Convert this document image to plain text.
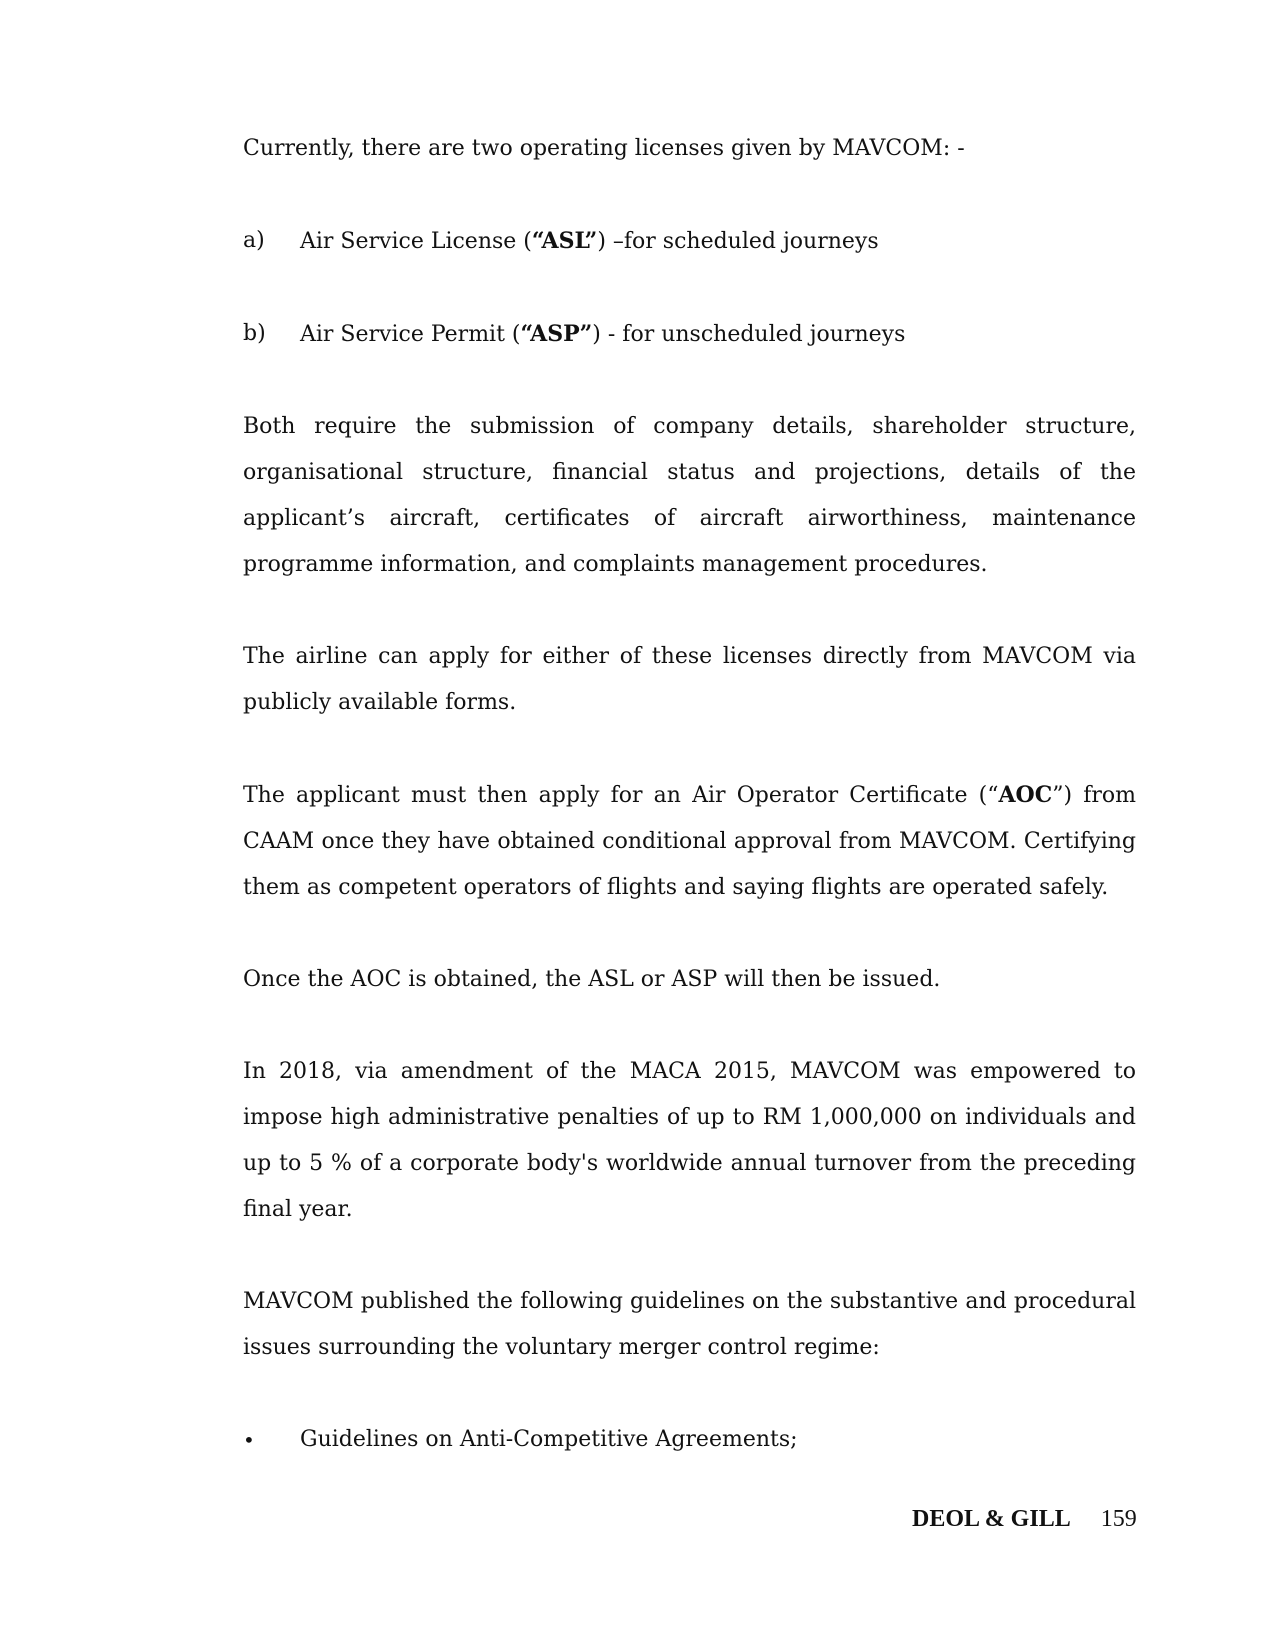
Currently, there are two operating licenses given by MAVCOM: -

a) Air Service License (“ASL”) –for scheduled journeys
b) Air Service Permit (“ASP”) - for unscheduled journeys

Both require the submission of company details, shareholder structure, organisational structure, financial status and projections, details of the applicant’s aircraft, certificates of aircraft airworthiness, maintenance programme information, and complaints management procedures.

The airline can apply for either of these licenses directly from MAVCOM via publicly available forms.

The applicant must then apply for an Air Operator Certificate (“AOC”) from CAAM once they have obtained conditional approval from MAVCOM. Certifying them as competent operators of flights and saying flights are operated safely.

Once the AOC is obtained, the ASL or ASP will then be issued.

In 2018, via amendment of the MACA 2015, MAVCOM was empowered to impose high administrative penalties of up to RM 1,000,000 on individuals and up to 5 % of a corporate body's worldwide annual turnover from the preceding final year.

MAVCOM published the following guidelines on the substantive and procedural issues surrounding the voluntary merger control regime:

• Guidelines on Anti-Competitive Agreements;
DEOL & GILL 159
